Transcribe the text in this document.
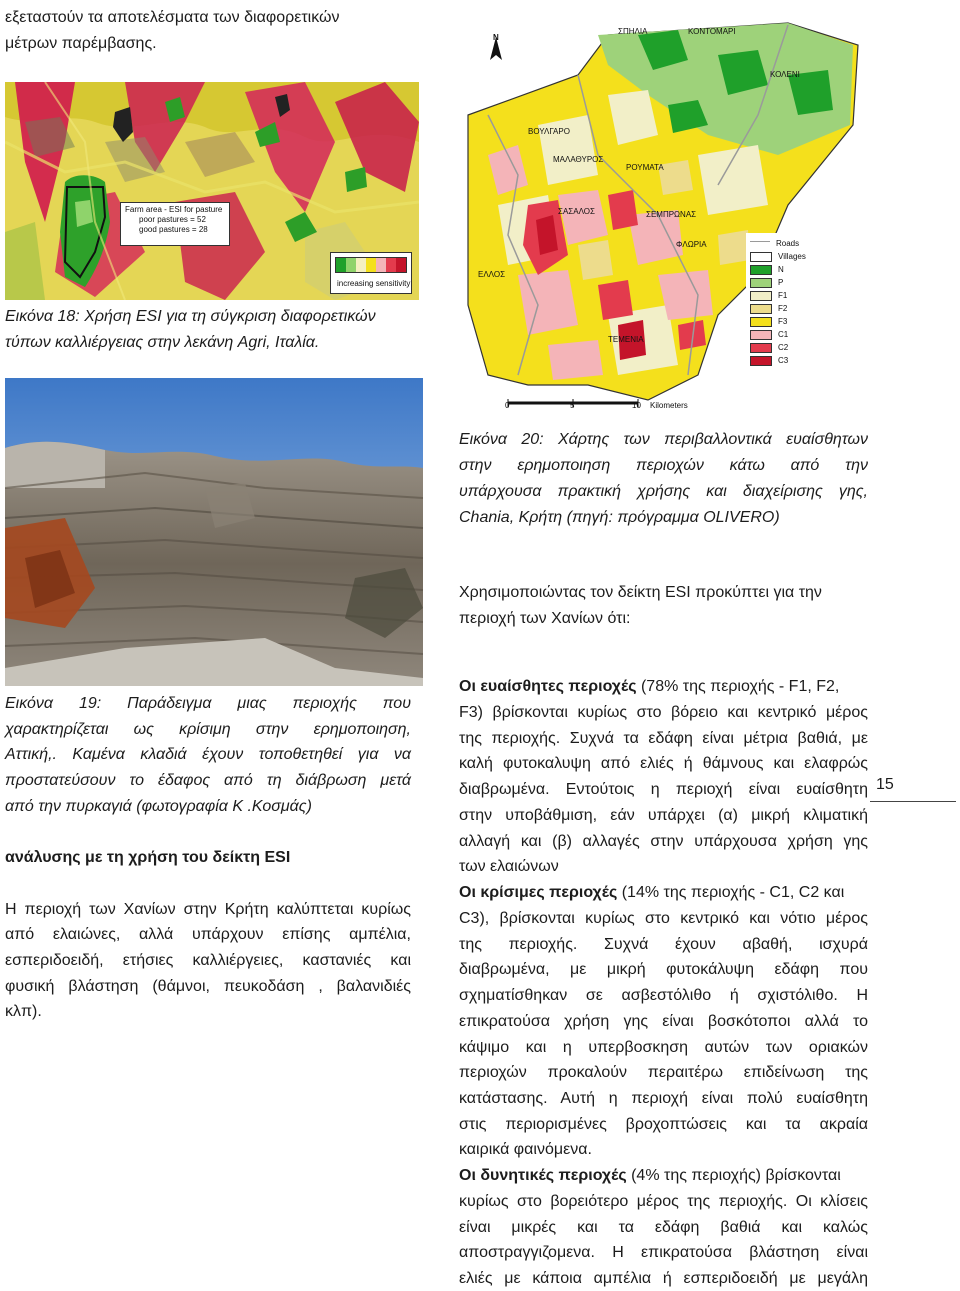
εξεταστούν τα αποτελέσματα των διαφορετικών
μέτρων παρέμβασης.
Farm area - ESI for pasture
poor pastures = 52
good pastures = 28
increasing sensitivity
Εικόνα 18: Χρήση ESI για τη σύγκριση διαφορετικών
τύπων καλλιέργειας στην λεκάνη Agri, Ιταλία.
N
ΣΠΗΛΙΑ	ΚΟΝΤΟΜΑΡΙ
ΚΟΛΕΝΙ
ΒΟΥΛΓΑΡΟ
ΜΑΛΑΘΥΡΟΣ
ΣΑΣΑΛΟΣ
ΡΟΥΜΑΤΑ
ΣΕΜΠΡΩΝΑΣ
ΦΛΩΡΙΑ
ΕΛΛΟΣ
ΤΕΜΕΝΙΑ
Roads
Villages
N
P
F1
F2
F3
C1
C2
C3
0	5	10 Kilometers
Εικόνα 20: Χάρτης των περιβαλλοντικά ευαίσθητων
στην ερημοποιηση περιοχών κάτω από την
υπάρχουσα πρακτική χρήσης και διαχείρισης γης,
Chania, Κρήτη (πηγή: πρόγραμμα OLIVERO)
Χρησιμοποιώντας τον δείκτη ESI προκύπτει για την
περιοχή των Χανίων ότι:
Εικόνα 19: Παράδειγμα μιας περιοχής που
χαρακτηρίζεται ως κρίσιμη στην ερημοποιηση,
Αττική,. Καμένα κλαδιά έχουν τοποθετηθεί για να
προστατεύσουν το έδαφος από τη διάβρωση μετά
από την πυρκαγιά (φωτογραφία Κ .Κοσμάς)
ανάλυσης με τη χρήση του δείκτη ESI
Η περιοχή των Χανίων στην Κρήτη καλύπτεται κυρίως
από ελαιώνες, αλλά υπάρχουν επίσης αμπέλια,
εσπεριδοειδή, ετήσιες καλλιέργειες, καστανιές και
φυσική βλάστηση (θάμνοι, πευκοδάση , βαλανιδιές
κλπ).
Οι ευαίσθητες περιοχές (78% της περιοχής - F1, F2,
F3) βρίσκονται κυρίως στο βόρειο και κεντρικό μέρος
της περιοχής. Συχνά τα εδάφη είναι μέτρια βαθιά, με
καλή φυτοκαλυψη από ελιές ή θάμνους και ελαφρώς
διαβρωμένα. Εντούτοις η περιοχή είναι ευαίσθητη
στην υποβάθμιση, εάν υπάρχει (α) μικρή κλιματική
αλλαγή και (β) αλλαγές στην υπάρχουσα χρήση γης
των ελαιώνων
Οι κρίσιμες περιοχές (14% της περιοχής - C1, C2 και
C3), βρίσκονται κυρίως στο κεντρικό και νότιο μέρος
της περιοχής. Συχνά έχουν αβαθή, ισχυρά
διαβρωμένα, με μικρή φυτοκάλυψη εδάφη που
σχηματίσθηκαν σε ασβεστόλιθο ή σχιστόλιθο. Η
επικρατούσα χρήση γης είναι βοσκότοποι αλλά το
κάψιμο και η υπερβοσκηση αυτών των οριακών
περιοχών προκαλούν περαιτέρω επιδείνωση της
κατάστασης. Αυτή η περιοχή είναι πολύ ευαίσθητη
στις περιορισμένες βροχοπτώσεις και τα ακραία
καιρικά φαινόμενα.
Οι δυνητικές περιοχές (4% της περιοχής) βρίσκονται
κυρίως στο βορειότερο μέρος της περιοχής. Οι κλίσεις
είναι μικρές και τα εδάφη βαθιά και καλώς
αποστραγγιζομενα. Η επικρατούσα βλάστηση είναι
ελιές με κάποια αμπέλια ή εσπεριδοειδή με μεγάλη
15
